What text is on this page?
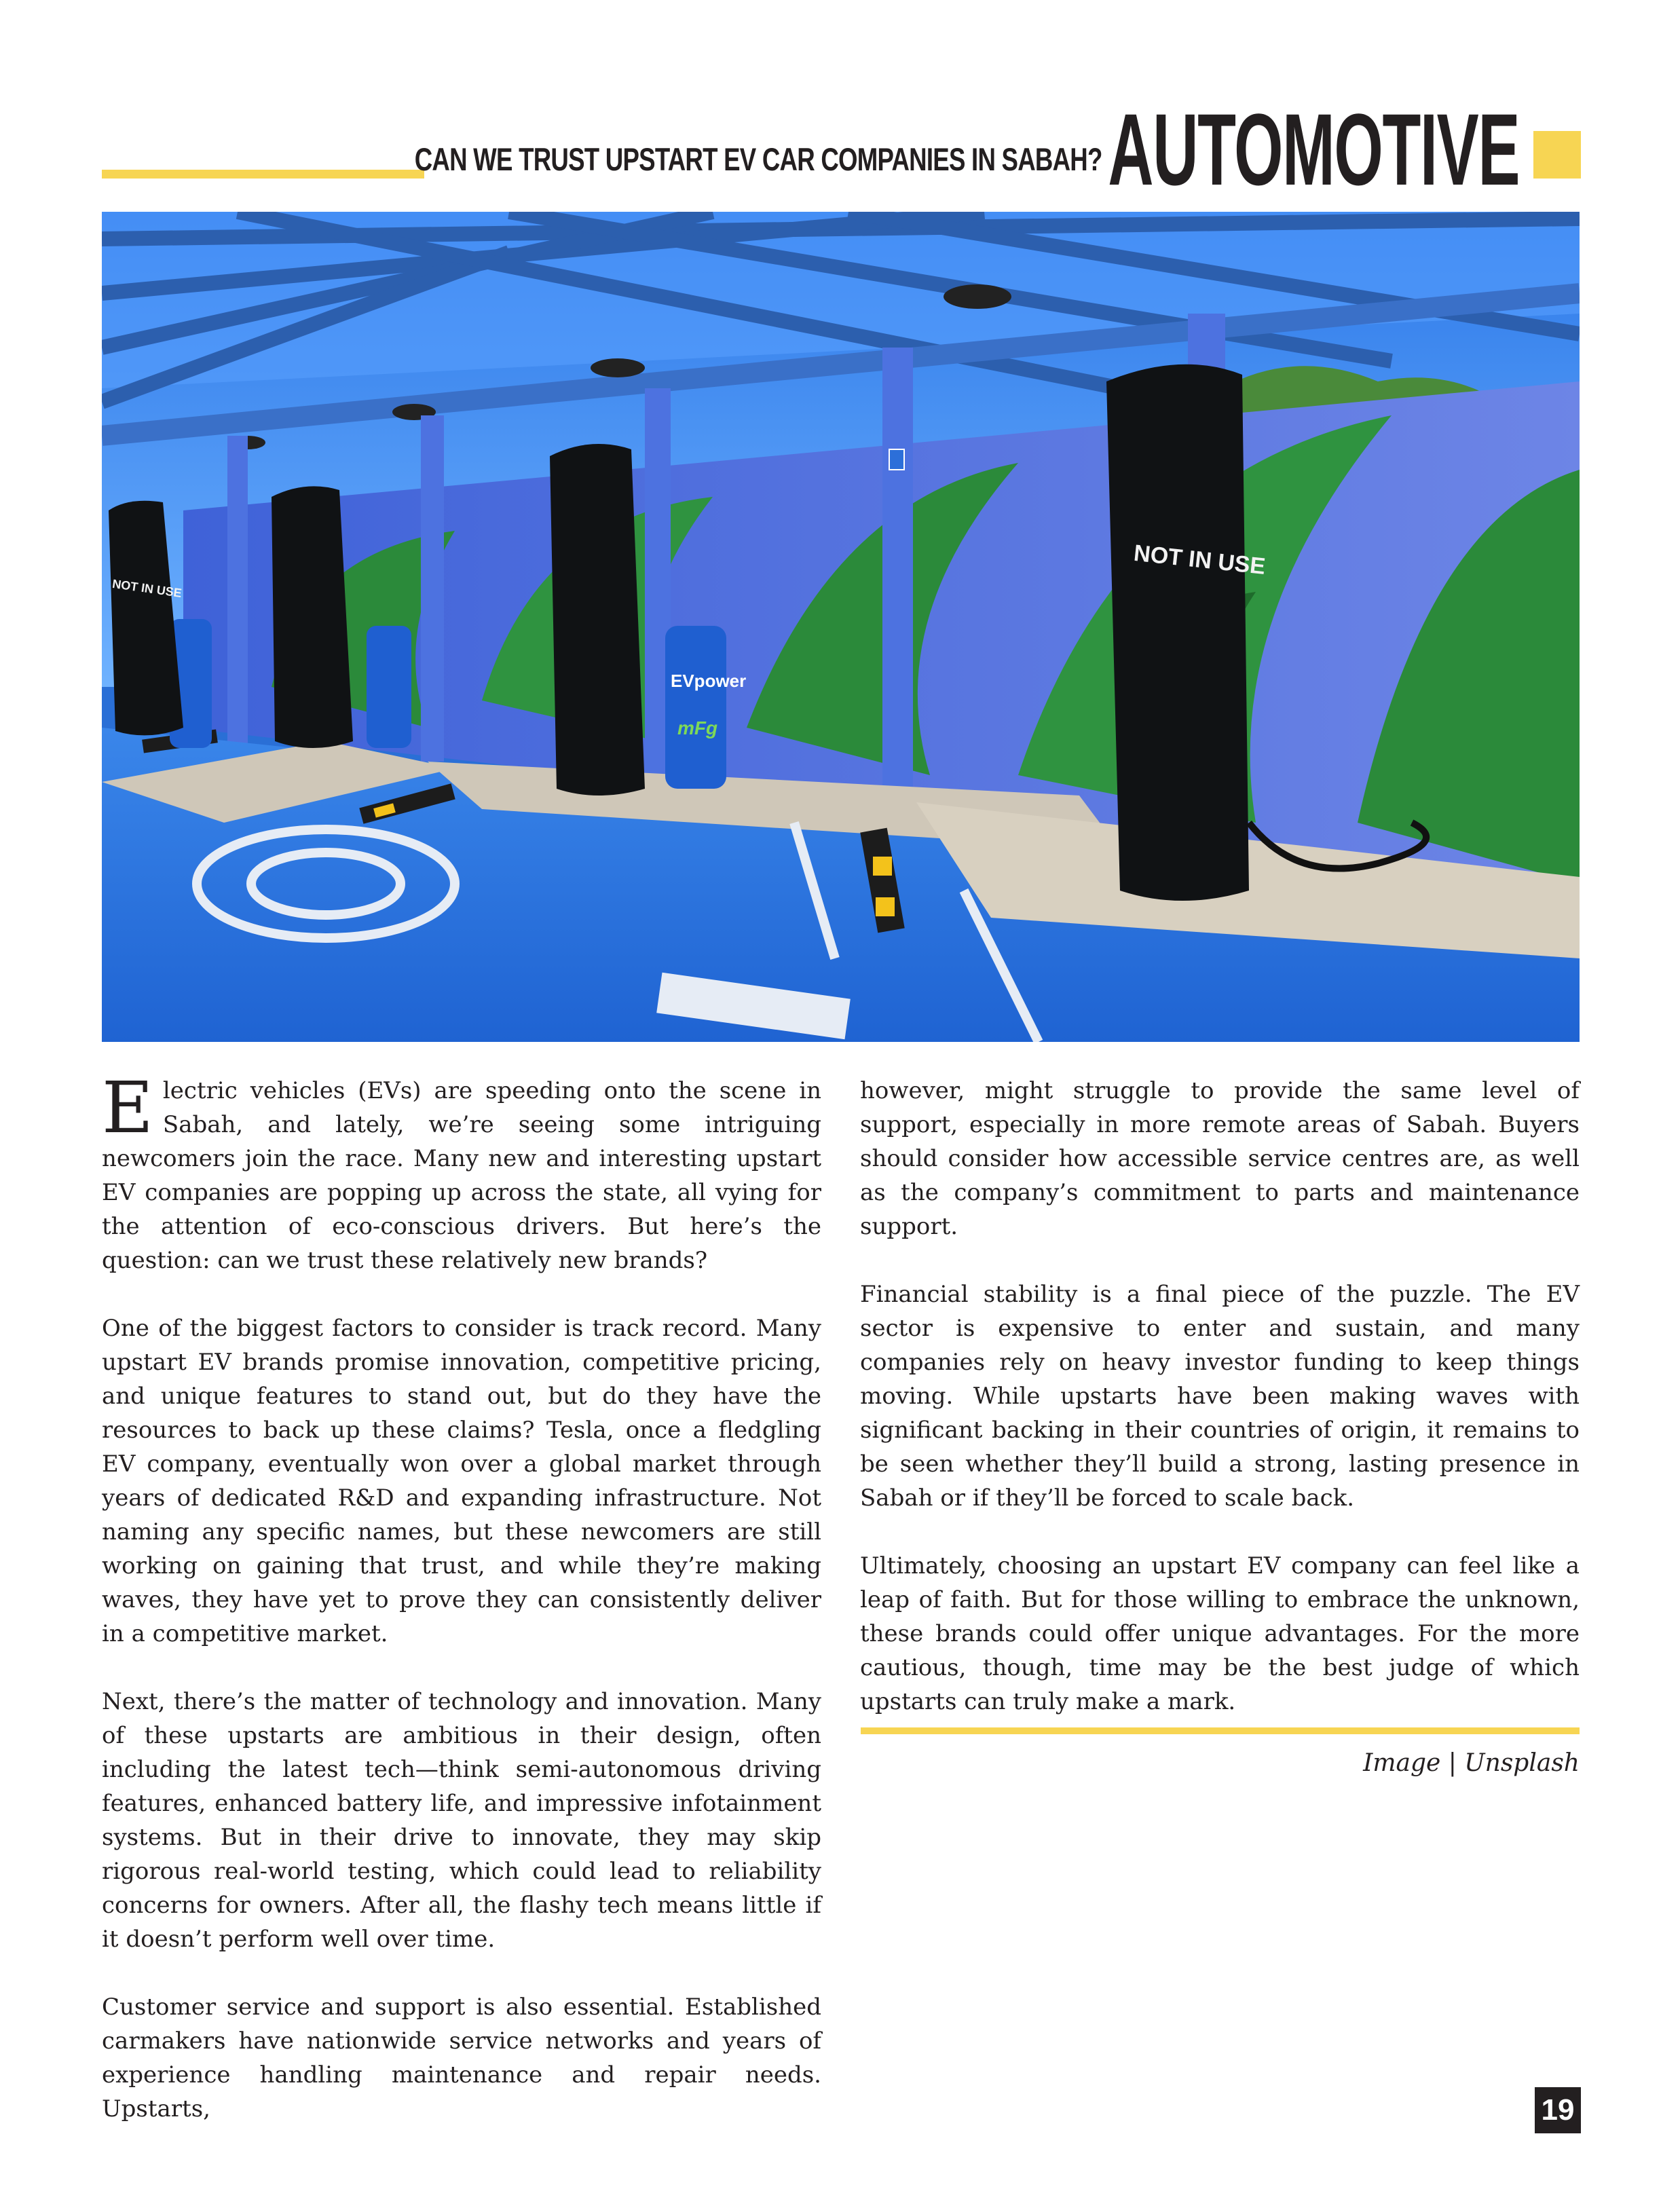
CAN WE TRUST UPSTART EV CAR COMPANIES IN SABAH? AUTOMOTIVE
EVpower
mFg
NOT IN USE
NOT IN USE

Electric vehicles (EVs) are speeding onto the scene in Sabah, and lately, we’re seeing some intriguing newcomers join the race. Many new and interesting upstart EV companies are popping up across the state, all vying for the attention of eco-conscious drivers. But here’s the question: can we trust these relatively new brands?

One of the biggest factors to consider is track record. Many upstart EV brands promise innovation, competitive pricing, and unique features to stand out, but do they have the resources to back up these claims? Tesla, once a fledgling EV company, eventually won over a global market through years of dedicated R&D and expanding infrastructure. Not naming any specific names, but these newcomers are still working on gaining that trust, and while they’re making waves, they have yet to prove they can consistently deliver in a competitive market.

Next, there’s the matter of technology and innovation. Many of these upstarts are ambitious in their design, often including the latest tech—think semi-autonomous driving features, enhanced battery life, and impressive infotainment systems. But in their drive to innovate, they may skip rigorous real-world testing, which could lead to reliability concerns for owners. After all, the flashy tech means little if it doesn’t perform well over time.

Customer service and support is also essential. Established carmakers have nationwide service networks and years of experience handling maintenance and repair needs. Upstarts,

however, might struggle to provide the same level of support, especially in more remote areas of Sabah. Buyers should consider how accessible service centres are, as well as the company’s commitment to parts and maintenance support.

Financial stability is a final piece of the puzzle. The EV sector is expensive to enter and sustain, and many companies rely on heavy investor funding to keep things moving. While upstarts have been making waves with significant backing in their countries of origin, it remains to be seen whether they’ll build a strong, lasting presence in Sabah or if they’ll be forced to scale back.

Ultimately, choosing an upstart EV company can feel like a leap of faith. But for those willing to embrace the unknown, these brands could offer unique advantages. For the more cautious, though, time may be the best judge of which upstarts can truly make a mark.

Image | Unsplash
19
